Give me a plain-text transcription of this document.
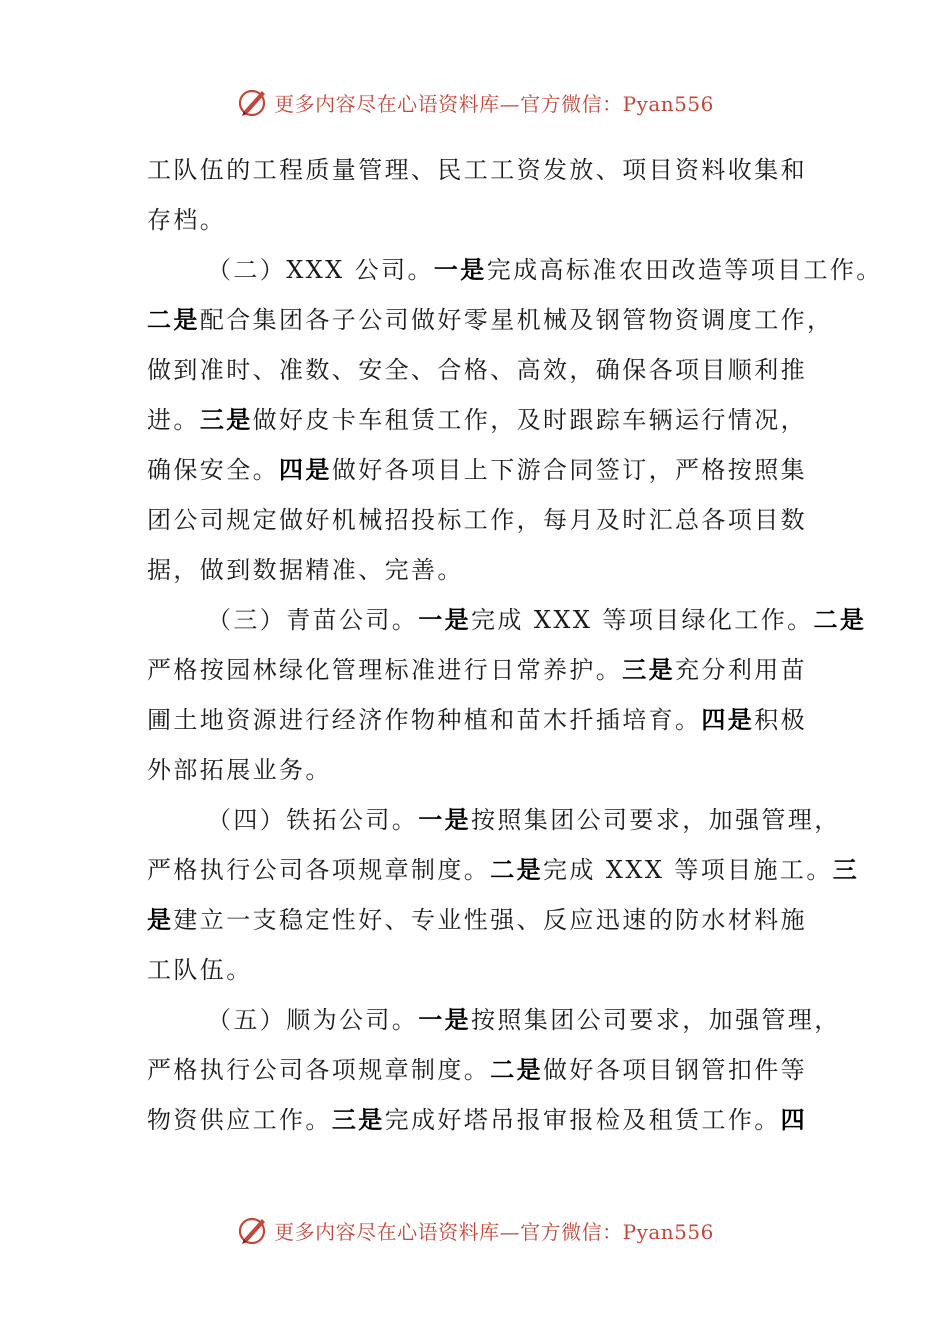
更多内容尽在心语资料库—官方微信：Pyan556
工队伍的工程质量管理、民工工资发放、项目资料收集和
存档。
（二）XXX 公司。一是完成高标准农田改造等项目工作。
二是配合集团各子公司做好零星机械及钢管物资调度工作，
做到准时、准数、安全、合格、高效，确保各项目顺利推
进。三是做好皮卡车租赁工作，及时跟踪车辆运行情况，
确保安全。四是做好各项目上下游合同签订，严格按照集
团公司规定做好机械招投标工作，每月及时汇总各项目数
据，做到数据精准、完善。
（三）青苗公司。一是完成 XXX 等项目绿化工作。二是
严格按园林绿化管理标准进行日常养护。三是充分利用苗
圃土地资源进行经济作物种植和苗木扦插培育。四是积极
外部拓展业务。
（四）铁拓公司。一是按照集团公司要求，加强管理，
严格执行公司各项规章制度。二是完成 XXX 等项目施工。三
是建立一支稳定性好、专业性强、反应迅速的防水材料施
工队伍。
（五）顺为公司。一是按照集团公司要求，加强管理，
严格执行公司各项规章制度。二是做好各项目钢管扣件等
物资供应工作。三是完成好塔吊报审报检及租赁工作。四
更多内容尽在心语资料库—官方微信：Pyan556
